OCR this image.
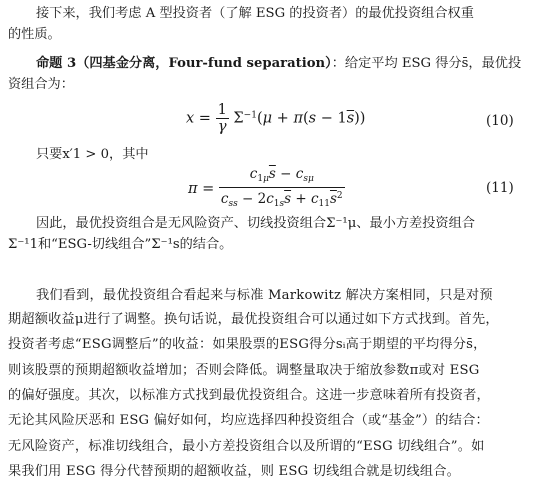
接下来，我们考虑 A 型投资者（了解 ESG 的投资者）的最优投资组合权重
的性质。
命题 3（四基金分离，Four-fund separation）：给定平均 ESG 得分s̄，最优投
资组合为：
$x = \frac{1}{\gamma} \Sigma^{-1}(\mu + \pi(s - 1\overline{s}))$	(10)
只要x′1 > 0，其中
$\pi = \frac{c_{1\mu}\overline{s} - c_{s\mu}}{c_{ss} - 2c_{1s}\overline{s} + c_{11}\overline{s}^2}$	(11)
因此，最优投资组合是无风险资产、切线投资组合Σ⁻¹μ、最小方差投资组合
Σ⁻¹1和“ESG-切线组合”Σ⁻¹s的结合。
我们看到，最优投资组合看起来与标准 Markowitz 解决方案相同，只是对预
期超额收益μ进行了调整。换句话说，最优投资组合可以通过如下方式找到。首先，
投资者考虑“ESG调整后”的收益：如果股票的ESG得分sᵢ高于期望的平均得分s̄，
则该股票的预期超额收益增加；否则会降低。调整量取决于缩放参数π或对 ESG
的偏好强度。其次，以标准方式找到最优投资组合。这进一步意味着所有投资者，
无论其风险厌恶和 ESG 偏好如何，均应选择四种投资组合（或“基金”）的结合：
无风险资产，标准切线组合，最小方差投资组合以及所谓的“ESG 切线组合”。如
果我们用 ESG 得分代替预期的超额收益，则 ESG 切线组合就是切线组合。
